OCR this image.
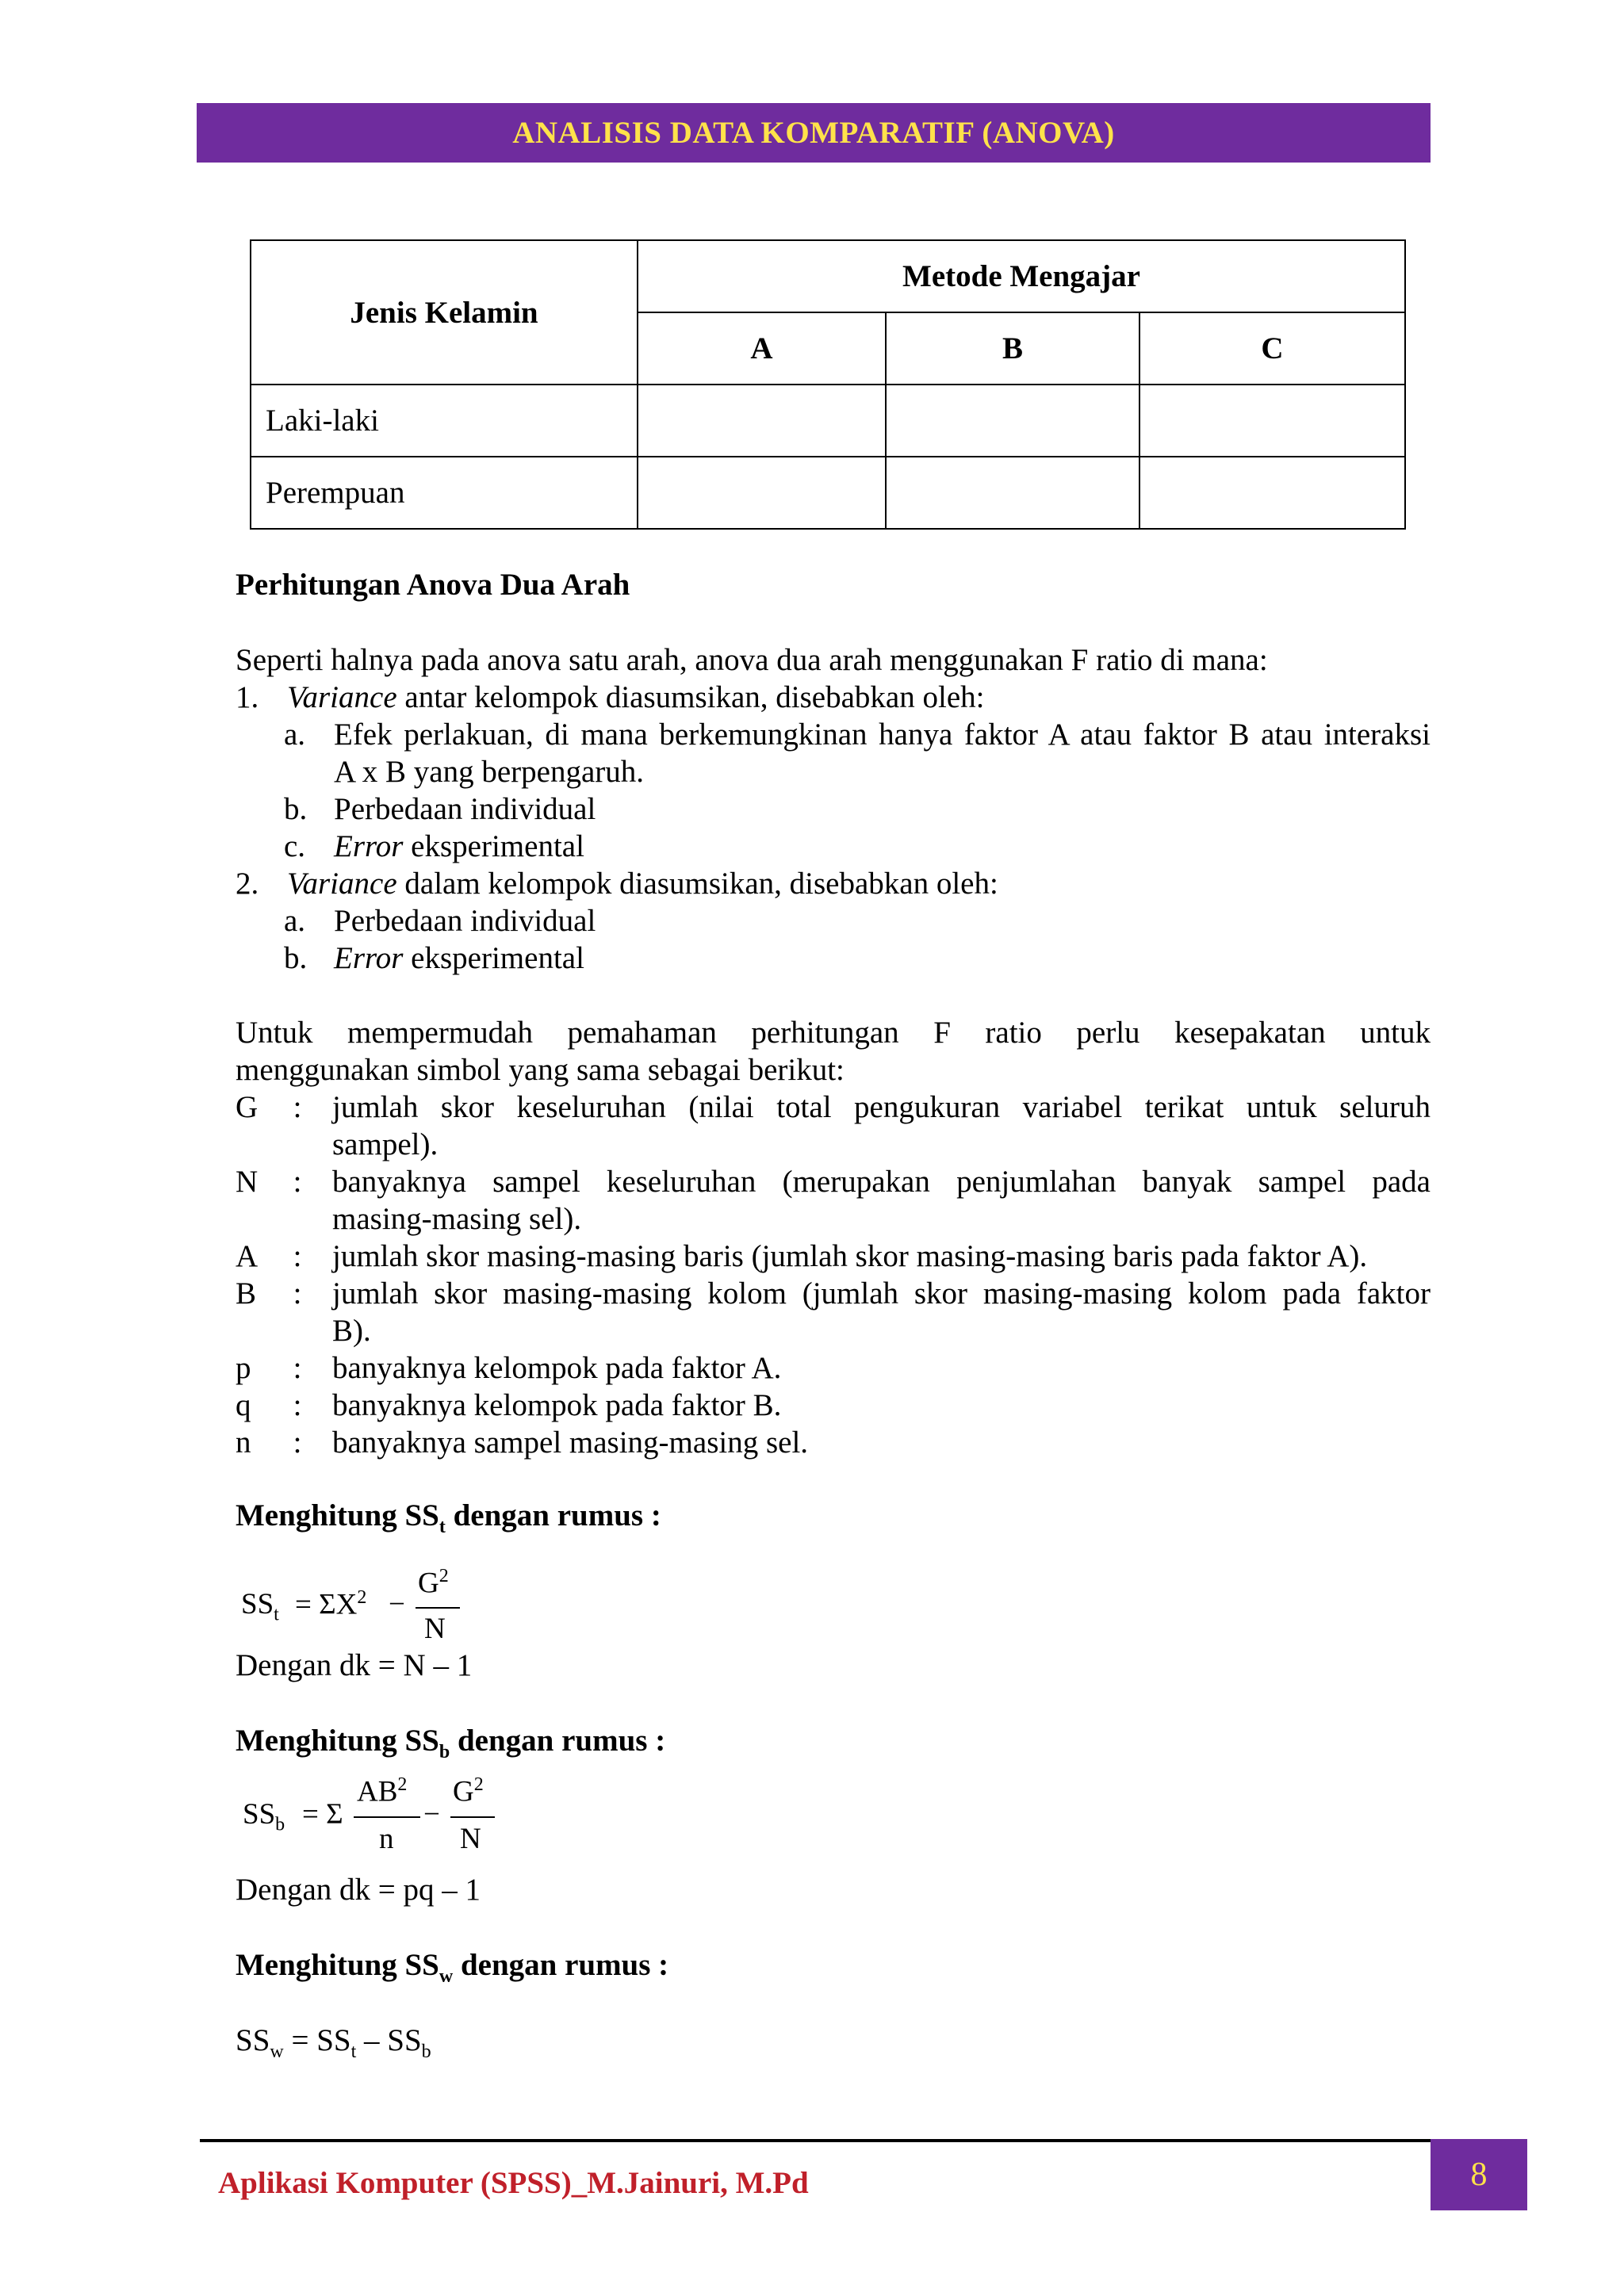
ANALISIS DATA KOMPARATIF (ANOVA)
Jenis Kelamin	Metode Mengajar		
	A	B	C
Laki-laki			
Perempuan			
Perhitungan Anova Dua Arah
Seperti halnya pada anova satu arah, anova dua arah menggunakan F ratio di mana:
1. Variance antar kelompok diasumsikan, disebabkan oleh:
a. Efek perlakuan, di mana berkemungkinan hanya faktor A atau faktor B atau interaksi
A x B yang berpengaruh.
b. Perbedaan individual
c. Error eksperimental
2. Variance dalam kelompok diasumsikan, disebabkan oleh:
a. Perbedaan individual
b. Error eksperimental
Untuk mempermudah pemahaman perhitungan F ratio perlu kesepakatan untuk
menggunakan simbol yang sama sebagai berikut:
G	: jumlah skor keseluruhan (nilai total pengukuran variabel terikat untuk seluruh
sampel).
N	: banyaknya sampel keseluruhan (merupakan penjumlahan banyak sampel pada
masing-masing sel).
A	: jumlah skor masing-masing baris (jumlah skor masing-masing baris pada faktor A).
B	: jumlah skor masing-masing kolom (jumlah skor masing-masing kolom pada faktor
B).
p	: banyaknya kelompok pada faktor A.
q	: banyaknya kelompok pada faktor B.
n	: banyaknya sampel masing-masing sel.
Menghitung $SS_t$ dengan rumus :
$SS_t = \Sigma X^2$ −
$G^2$
N
Dengan dk = N – 1
Menghitung $SS_b$ dengan rumus :
$SS_b = \Sigma$
$AB^2$
n
−
$G^2$
N
Dengan dk = pq – 1
Menghitung $SS_w$ dengan rumus :
$SS_w = SS_t - SS_b$
Aplikasi Komputer (SPSS)_M.Jainuri, M.Pd	8
